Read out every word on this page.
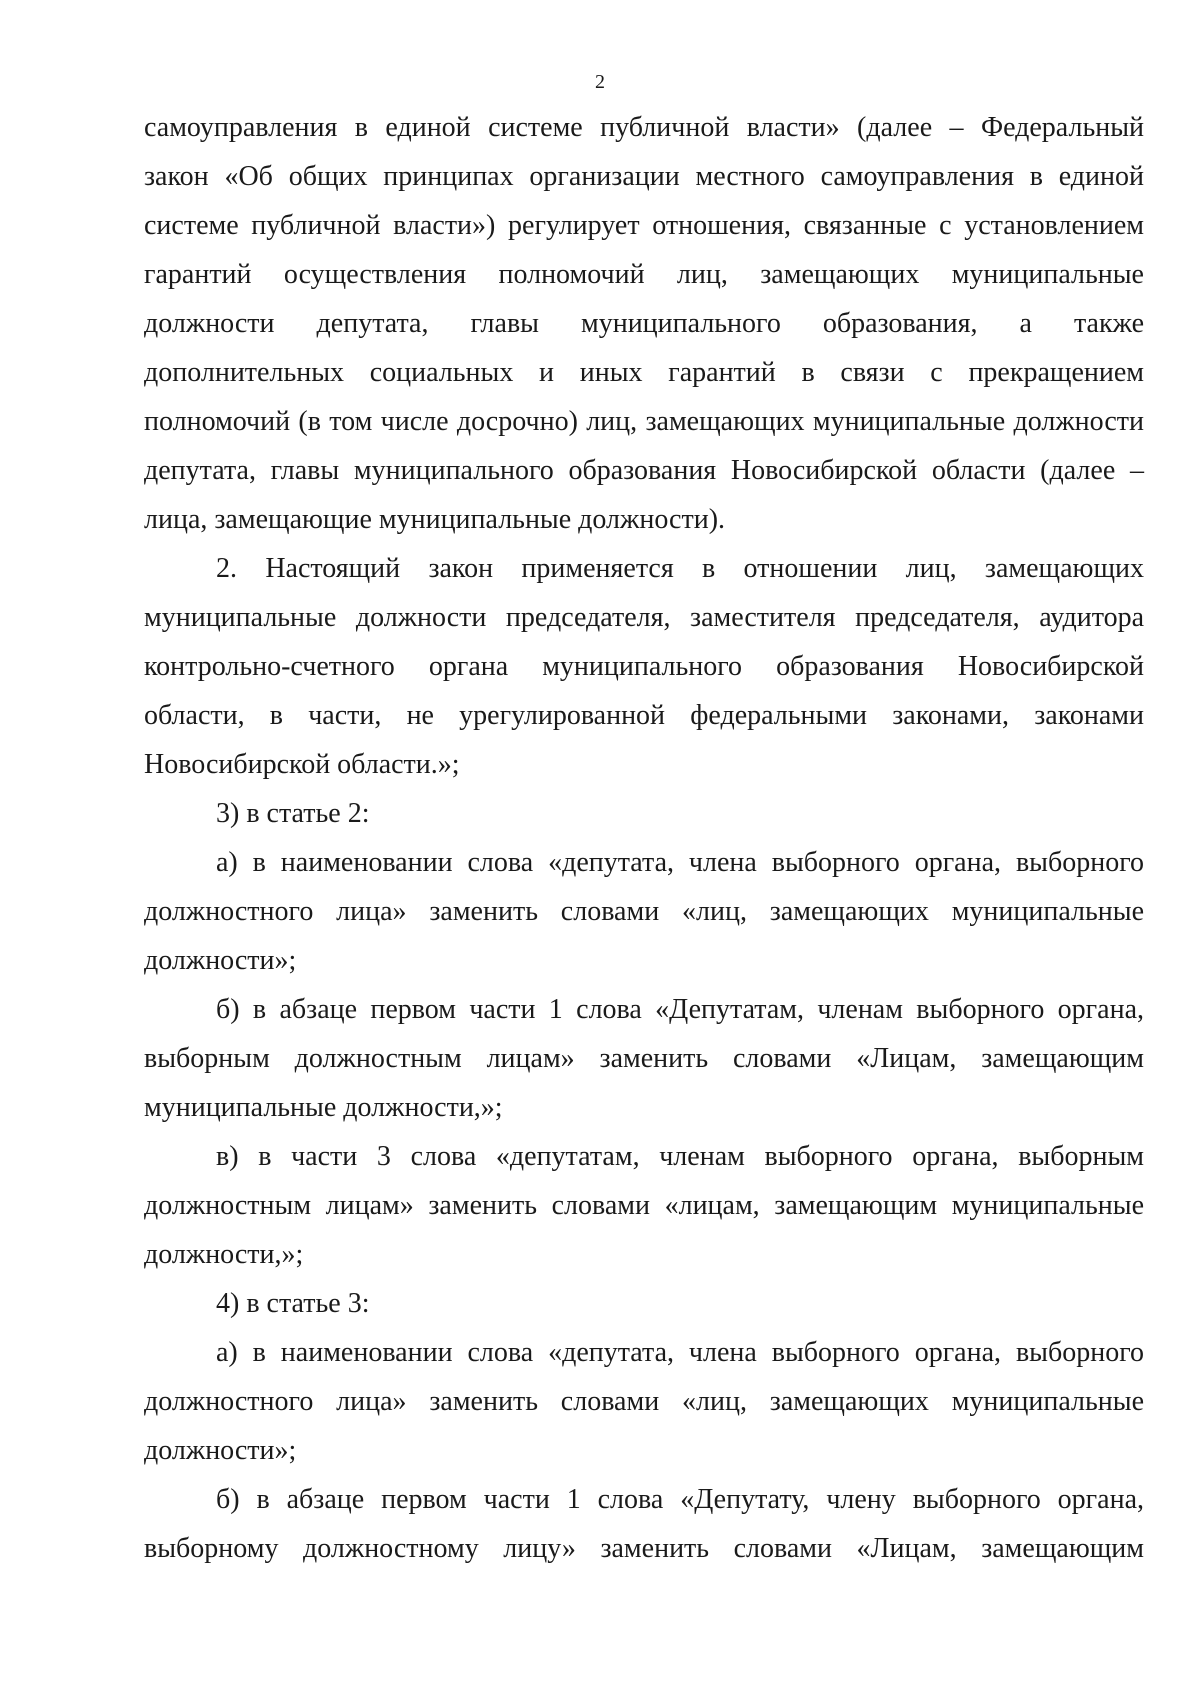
2

самоуправления в единой системе публичной власти» (далее – Федеральный
закон «Об общих принципах организации местного самоуправления в единой
системе публичной власти») регулирует отношения, связанные с установлением
гарантий осуществления полномочий лиц, замещающих муниципальные
должности депутата, главы муниципального образования, а также
дополнительных социальных и иных гарантий в связи с прекращением
полномочий (в том числе досрочно) лиц, замещающих муниципальные должности
депутата, главы муниципального образования Новосибирской области (далее –
лица, замещающие муниципальные должности).

2. Настоящий закон применяется в отношении лиц, замещающих
муниципальные должности председателя, заместителя председателя, аудитора
контрольно-счетного органа муниципального образования Новосибирской
области, в части, не урегулированной федеральными законами, законами
Новосибирской области.»;

3) в статье 2:

а) в наименовании слова «депутата, члена выборного органа, выборного
должностного лица» заменить словами «лиц, замещающих муниципальные
должности»;

б) в абзаце первом части 1 слова «Депутатам, членам выборного органа,
выборным должностным лицам» заменить словами «Лицам, замещающим
муниципальные должности,»;

в) в части 3 слова «депутатам, членам выборного органа, выборным
должностным лицам» заменить словами «лицам, замещающим муниципальные
должности,»;

4) в статье 3:

а) в наименовании слова «депутата, члена выборного органа, выборного
должностного лица» заменить словами «лиц, замещающих муниципальные
должности»;

б) в абзаце первом части 1 слова «Депутату, члену выборного органа,
выборному должностному лицу» заменить словами «Лицам, замещающим
